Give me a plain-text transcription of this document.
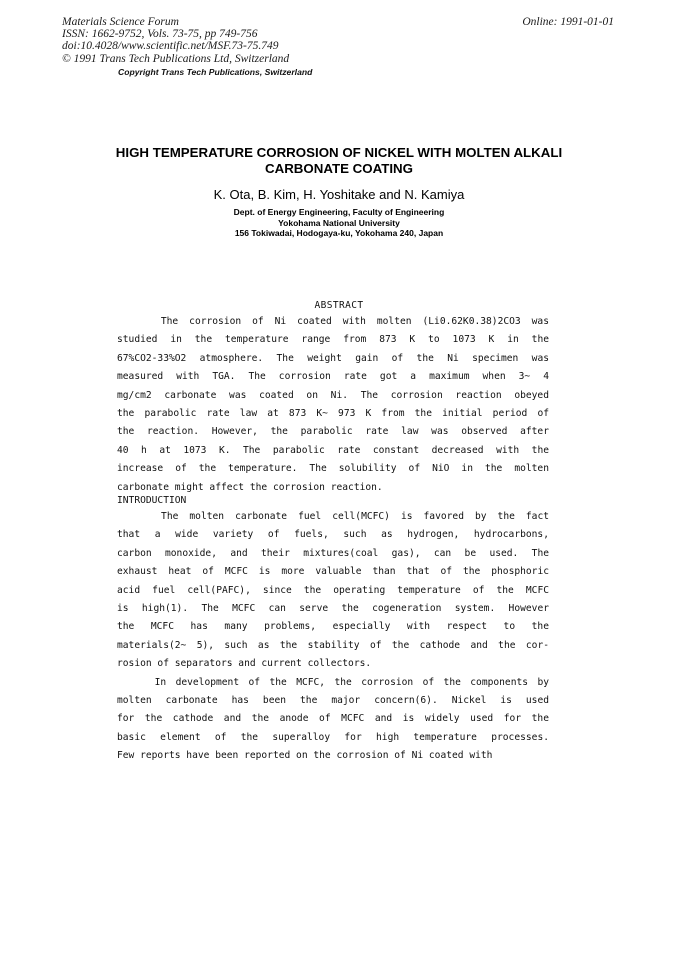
Materials Science Forum
ISSN: 1662-9752, Vols. 73-75, pp 749-756
doi:10.4028/www.scientific.net/MSF.73-75.749
© 1991 Trans Tech Publications Ltd, Switzerland
Online: 1991-01-01
Copyright Trans Tech Publications, Switzerland
HIGH TEMPERATURE CORROSION OF NICKEL WITH MOLTEN ALKALI
CARBONATE COATING
K. Ota, B. Kim, H. Yoshitake and N. Kamiya
Dept. of Energy Engineering, Faculty of Engineering
Yokohama National University
156 Tokiwadai, Hodogaya-ku, Yokohama 240, Japan
ABSTRACT
The corrosion of Ni coated with molten (Li0.62K0.38)2CO3 was
studied in the temperature range from 873 K to 1073 K in the
67%CO2-33%O2 atmosphere. The weight gain of the Ni specimen was
measured with TGA. The corrosion rate got a maximum when 3~ 4
mg/cm2 carbonate was coated on Ni. The corrosion reaction obeyed
the parabolic rate law at 873 K~ 973 K from the initial period of
the reaction. However, the parabolic rate law was observed after
40 h at 1073 K. The parabolic rate constant decreased with the
increase of the temperature. The solubility of NiO in the molten
carbonate might affect the corrosion reaction.
INTRODUCTION
The molten carbonate fuel cell(MCFC) is favored by the fact
that a wide variety of fuels, such as hydrogen, hydrocarbons,
carbon monoxide, and their mixtures(coal gas), can be used. The
exhaust heat of MCFC is more valuable than that of the phosphoric
acid fuel cell(PAFC), since the operating temperature of the MCFC
is high(1). The MCFC can serve the cogeneration system. However
the MCFC has many problems, especially with respect to the
materials(2~ 5), such as the stability of the cathode and the cor-
rosion of separators and current collectors.
In development of the MCFC, the corrosion of the components by
molten carbonate has been the major concern(6). Nickel is used
for the cathode and the anode of MCFC and is widely used for the
basic element of the superalloy for high temperature processes.
Few reports have been reported on the corrosion of Ni coated with
